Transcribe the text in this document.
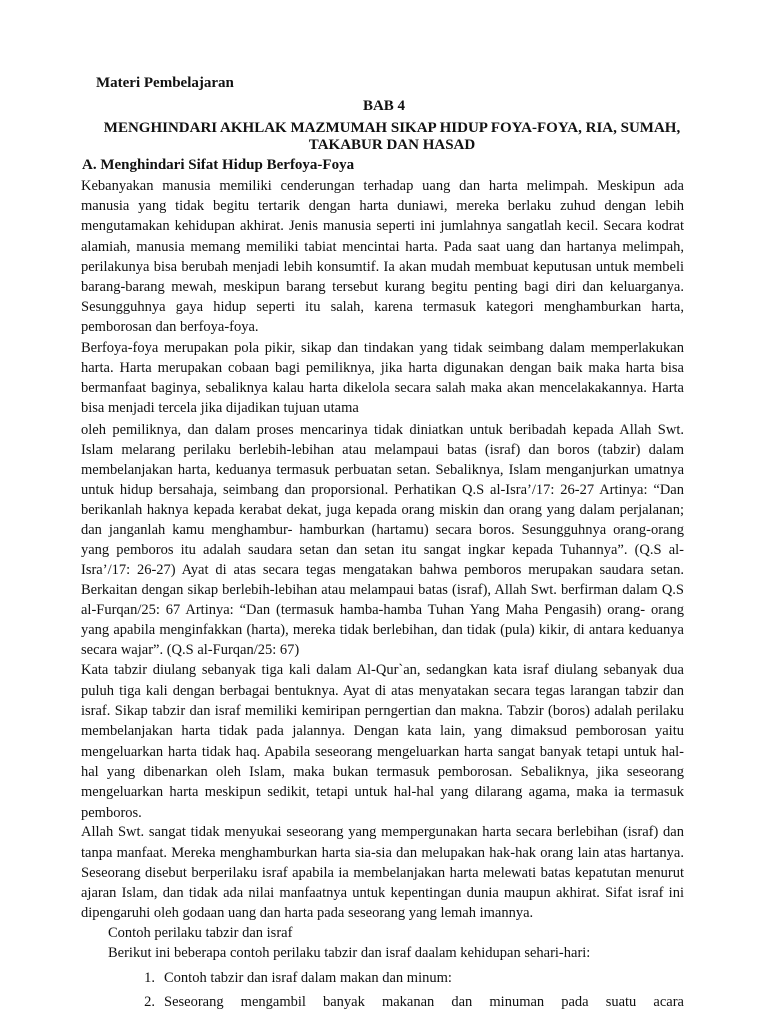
Materi Pembelajaran
BAB 4
MENGHINDARI AKHLAK MAZMUMAH SIKAP HIDUP FOYA-FOYA, RIA, SUMAH, TAKABUR DAN HASAD
A. Menghindari Sifat Hidup Berfoya-Foya

Kebanyakan manusia memiliki cenderungan terhadap uang dan harta melimpah. Meskipun ada manusia yang tidak begitu tertarik dengan harta duniawi, mereka berlaku zuhud dengan lebih mengutamakan kehidupan akhirat. Jenis manusia seperti ini jumlahnya sangatlah kecil. Secara kodrat alamiah, manusia memang memiliki tabiat mencintai harta. Pada saat uang dan hartanya melimpah, perilakunya bisa berubah menjadi lebih konsumtif. Ia akan mudah membuat keputusan untuk membeli barang-barang mewah, meskipun barang tersebut kurang begitu penting bagi diri dan keluarganya. Sesungguhnya gaya hidup seperti itu salah, karena termasuk kategori menghamburkan harta, pemborosan dan berfoya-foya.

Berfoya-foya merupakan pola pikir, sikap dan tindakan yang tidak seimbang dalam memperlakukan harta. Harta merupakan cobaan bagi pemiliknya, jika harta digunakan dengan baik maka harta bisa bermanfaat baginya, sebaliknya kalau harta dikelola secara salah maka akan mencelakakannya. Harta bisa menjadi tercela jika dijadikan tujuan utama

oleh pemiliknya, dan dalam proses mencarinya tidak diniatkan untuk beribadah kepada Allah Swt. Islam melarang perilaku berlebih-lebihan atau melampaui batas (israf) dan boros (tabzir) dalam membelanjakan harta, keduanya termasuk perbuatan setan. Sebaliknya, Islam menganjurkan umatnya untuk hidup bersahaja, seimbang dan proporsional. Perhatikan Q.S al-Isra’/17: 26-27 Artinya: “Dan berikanlah haknya kepada kerabat dekat, juga kepada orang miskin dan orang yang dalam perjalanan; dan janganlah kamu menghambur- hamburkan (hartamu) secara boros. Sesungguhnya orang-orang yang pemboros itu adalah saudara setan dan setan itu sangat ingkar kepada Tuhannya”. (Q.S al-Isra’/17: 26-27) Ayat di atas secara tegas mengatakan bahwa pemboros merupakan saudara setan. Berkaitan dengan sikap berlebih-lebihan atau melampaui batas (israf), Allah Swt. berfirman dalam Q.S al-Furqan/25: 67 Artinya: “Dan (termasuk hamba-hamba Tuhan Yang Maha Pengasih) orang- orang yang apabila menginfakkan (harta), mereka tidak berlebihan, dan tidak (pula) kikir, di antara keduanya secara wajar”. (Q.S al-Furqan/25: 67)

Kata tabzir diulang sebanyak tiga kali dalam Al-Qur`an, sedangkan kata israf diulang sebanyak dua puluh tiga kali dengan berbagai bentuknya. Ayat di atas menyatakan secara tegas larangan tabzir dan israf. Sikap tabzir dan israf memiliki kemiripan perngertian dan makna. Tabzir (boros) adalah perilaku membelanjakan harta tidak pada jalannya. Dengan kata lain, yang dimaksud pemborosan yaitu mengeluarkan harta tidak haq. Apabila seseorang mengeluarkan harta sangat banyak tetapi untuk hal-hal yang dibenarkan oleh Islam, maka bukan termasuk pemborosan. Sebaliknya, jika seseorang mengeluarkan harta meskipun sedikit, tetapi untuk hal-hal yang dilarang agama, maka ia termasuk pemboros.

Allah Swt. sangat tidak menyukai seseorang yang mempergunakan harta secara berlebihan (israf) dan tanpa manfaat. Mereka menghamburkan harta sia-sia dan melupakan hak-hak orang lain atas hartanya. Seseorang disebut berperilaku israf apabila ia membelanjakan harta melewati batas kepatutan menurut ajaran Islam, dan tidak ada nilai manfaatnya untuk kepentingan dunia maupun akhirat. Sifat israf ini dipengaruhi oleh godaan uang dan harta pada seseorang yang lemah imannya.

Contoh perilaku tabzir dan israf

Berikut ini beberapa contoh perilaku tabzir dan israf daalam kehidupan sehari-hari:

1. Contoh tabzir dan israf dalam makan dan minum:
2. Seseorang mengambil banyak makanan dan minuman pada suatu acara
